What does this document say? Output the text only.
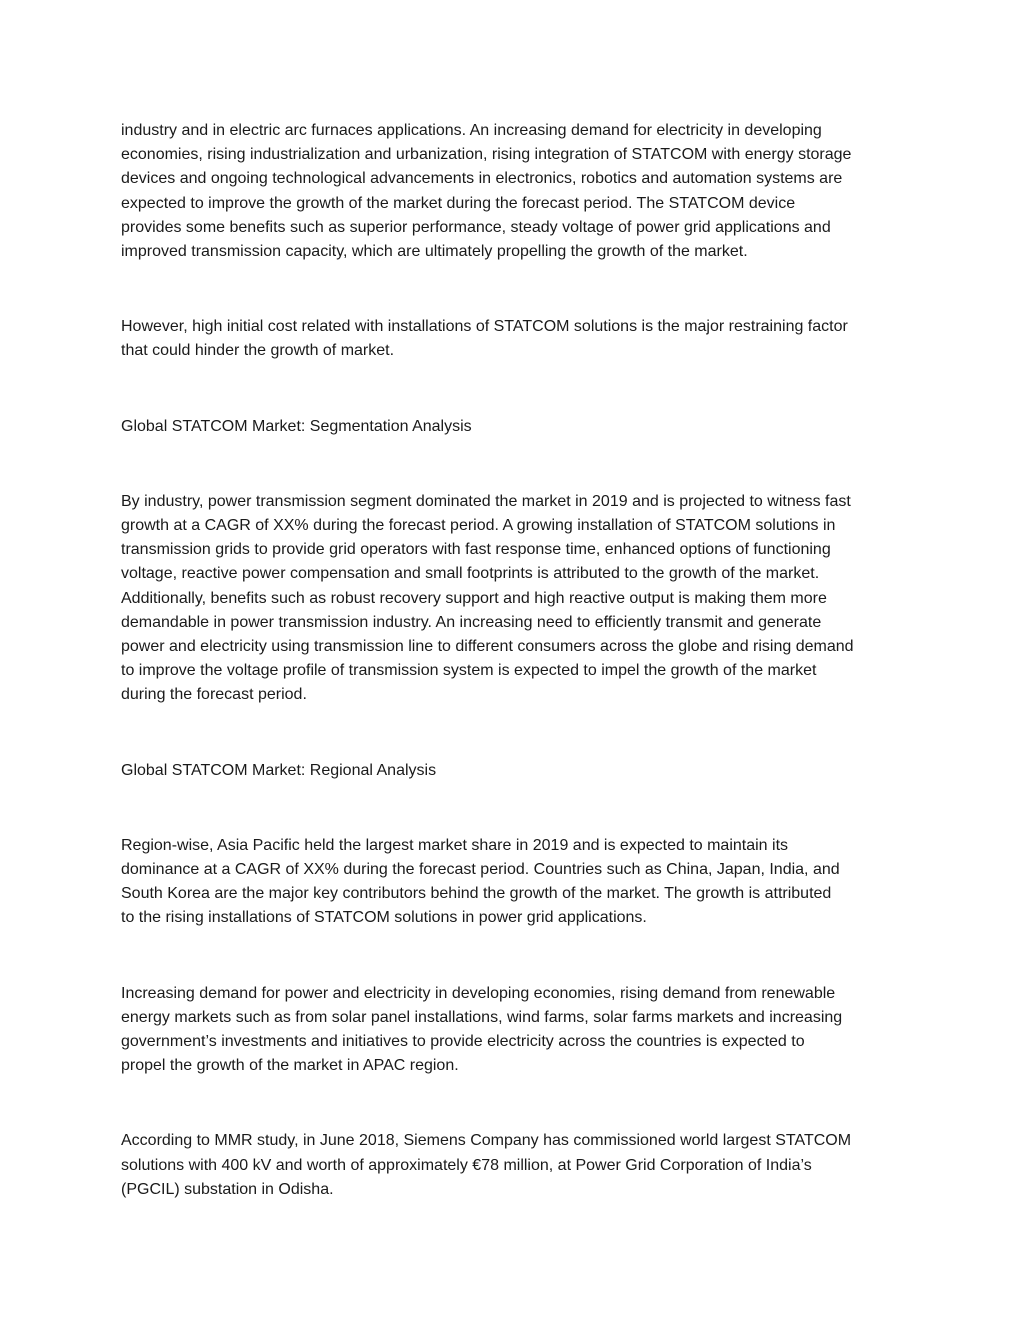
industry and in electric arc furnaces applications. An increasing demand for electricity in developing
economies, rising industrialization and urbanization, rising integration of STATCOM with energy storage
devices and ongoing technological advancements in electronics, robotics and automation systems are
expected to improve the growth of the market during the forecast period. The STATCOM device
provides some benefits such as superior performance, steady voltage of power grid applications and
improved transmission capacity, which are ultimately propelling the growth of the market.

However, high initial cost related with installations of STATCOM solutions is the major restraining factor
that could hinder the growth of market.

Global STATCOM Market: Segmentation Analysis

By industry, power transmission segment dominated the market in 2019 and is projected to witness fast
growth at a CAGR of XX% during the forecast period. A growing installation of STATCOM solutions in
transmission grids to provide grid operators with fast response time, enhanced options of functioning
voltage, reactive power compensation and small footprints is attributed to the growth of the market.
Additionally, benefits such as robust recovery support and high reactive output is making them more
demandable in power transmission industry. An increasing need to efficiently transmit and generate
power and electricity using transmission line to different consumers across the globe and rising demand
to improve the voltage profile of transmission system is expected to impel the growth of the market
during the forecast period.

Global STATCOM Market: Regional Analysis

Region-wise, Asia Pacific held the largest market share in 2019 and is expected to maintain its
dominance at a CAGR of XX% during the forecast period. Countries such as China, Japan, India, and
South Korea are the major key contributors behind the growth of the market. The growth is attributed
to the rising installations of STATCOM solutions in power grid applications.

Increasing demand for power and electricity in developing economies, rising demand from renewable
energy markets such as from solar panel installations, wind farms, solar farms markets and increasing
government’s investments and initiatives to provide electricity across the countries is expected to
propel the growth of the market in APAC region.

According to MMR study, in June 2018, Siemens Company has commissioned world largest STATCOM
solutions with 400 kV and worth of approximately €78 million, at Power Grid Corporation of India’s
(PGCIL) substation in Odisha.
